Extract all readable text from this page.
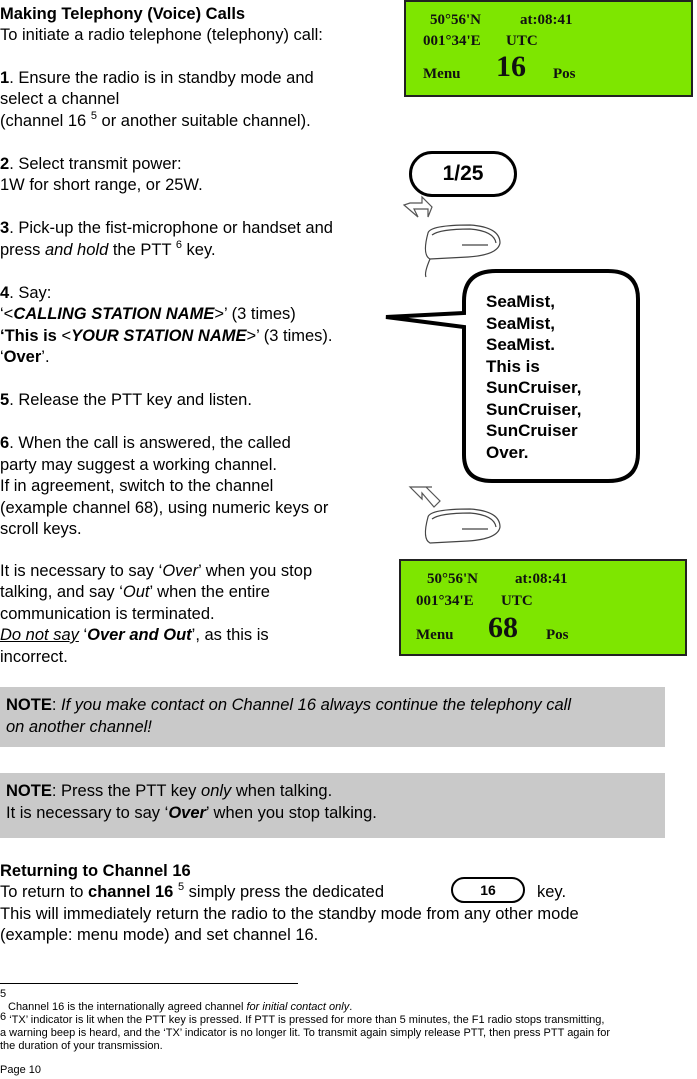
Making Telephony (Voice) Calls
To initiate a radio telephone (telephony) call:
1. Ensure the radio is in standby mode and
select a channel
(channel 16 $^5$ or another suitable channel).
2. Select transmit power:
1W for short range, or 25W.
3. Pick-up the fist-microphone or handset and
press and hold the PTT $^6$ key.
4. Say:
‘<CALLING STATION NAME>’ (3 times)
‘This is <YOUR STATION NAME>’ (3 times).
‘Over’.
5. Release the PTT key and listen.
6. When the call is answered, the called
party may suggest a working channel.
If in agreement, switch to the channel
(example channel 68), using numeric keys or
scroll keys.
It is necessary to say ‘Over’ when you stop
talking, and say ‘Out’ when the entire
communication is terminated.
Do not say ‘Over and Out’, as this is
incorrect.
50°56'N	at:08:41
001°34'E UTC
Menu 16 Pos
1/25
SeaMist,
SeaMist,
SeaMist.
This is
SunCruiser,
SunCruiser,
SunCruiser
Over.
50°56'N at:08:41
001°34'E UTC
Menu 68 Pos
NOTE: If you make contact on Channel 16 always continue the telephony call
on another channel!
NOTE: Press the PTT key only when talking.
It is necessary to say ‘Over’ when you stop talking.
Returning to Channel 16
To return to channel 16 $^5$ simply press the dedicated	16	key.
This will immediately return the radio to the standby mode from any other mode
(example: menu mode) and set channel 16.
5
Channel 16 is the internationally agreed channel for initial contact only.
6 ‘TX’ indicator is lit when the PTT key is pressed. If PTT is pressed for more than 5 minutes, the F1 radio stops transmitting,
a warning beep is heard, and the ‘TX’ indicator is no longer lit. To transmit again simply release PTT, then press PTT again for
the duration of your transmission.
Page 10
